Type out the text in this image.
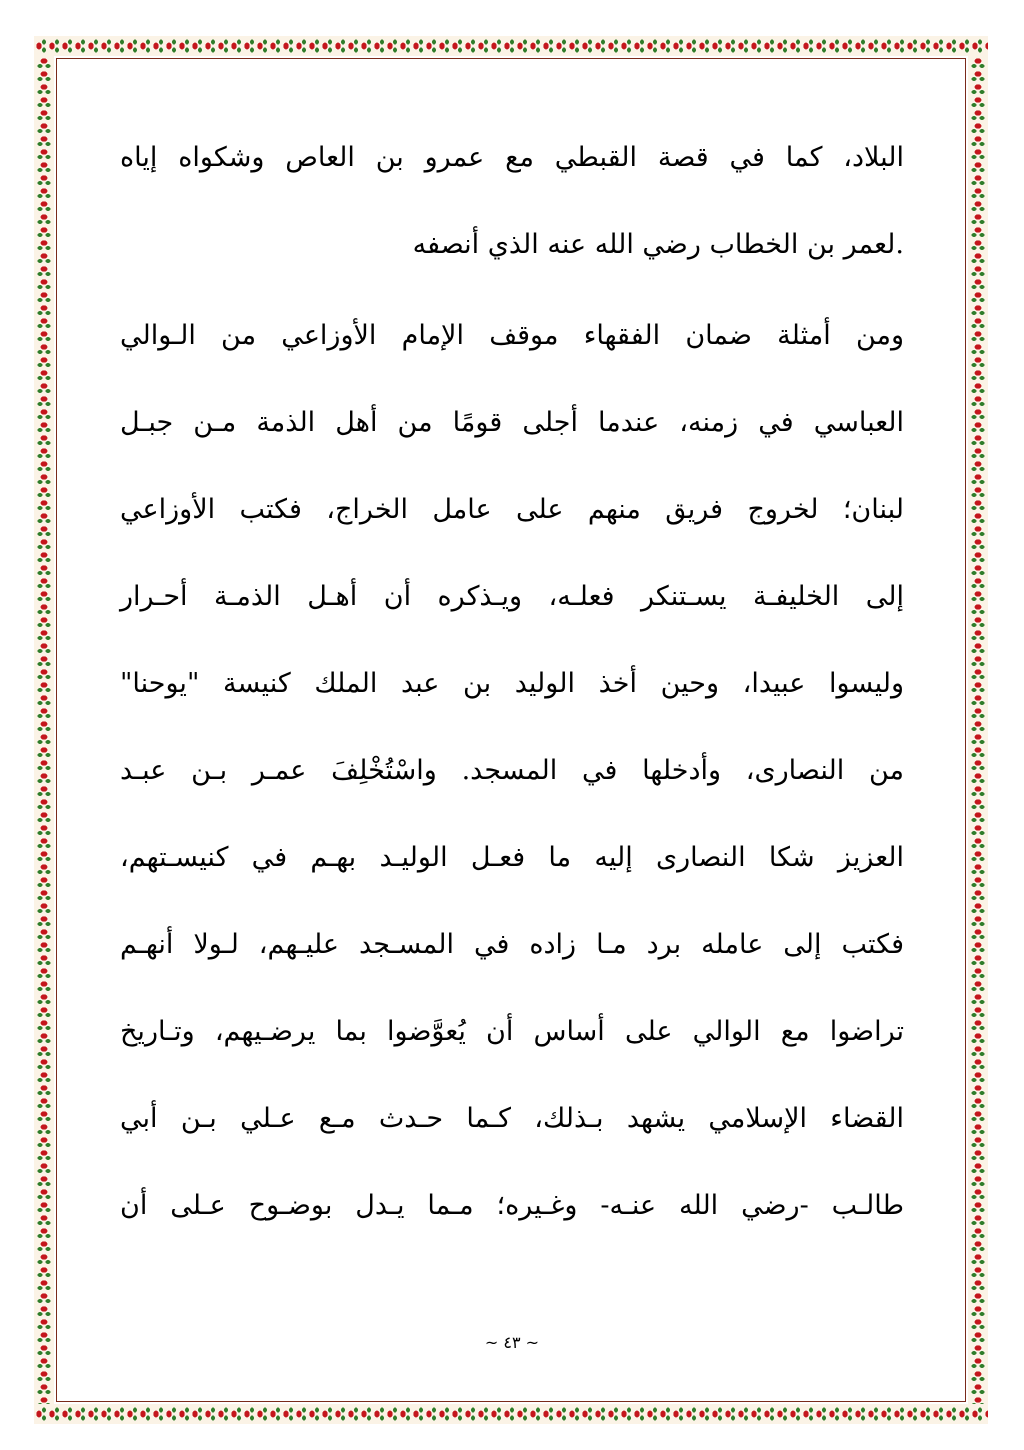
البلاد، كما في قصة القبطي مع عمرو بن العاص وشكواه إياه
.لعمر بن الخطاب رضي الله عنه الذي أنصفه
ومن أمثلة ضمان الفقهاء موقف الإمام الأوزاعي من الـوالي
العباسي في زمنه، عندما أجلى قومًا من أهل الذمة مـن جبـل
لبنان؛ لخروج فريق منهم على عامل الخراج، فكتب الأوزاعي
إلى الخليفـة يسـتنكر فعلـه، ويـذكره أن أهـل الذمـة أحـرار
وليسوا عبيدا، وحين أخذ الوليد بن عبد الملك كنيسة "يوحنا"
من النصارى، وأدخلها في المسجد. واسْتُخْلِفَ عمـر بـن عبـد
العزيز شكا النصارى إليه ما فعـل الوليـد بهـم في كنيسـتهم،
فكتب إلى عامله برد مـا زاده في المسـجد عليـهم، لـولا أنهـم
تراضوا مع الوالي على أساس أن يُعوَّضوا بما يرضـيهم، وتـاريخ
القضاء الإسلامي يشهد بـذلك، كـما حـدث مـع عـلي بـن أبي
طالـب -رضي الله عنـه- وغـيره؛ مـما يـدل بوضـوح عـلى أن
~ ٤٣ ~
